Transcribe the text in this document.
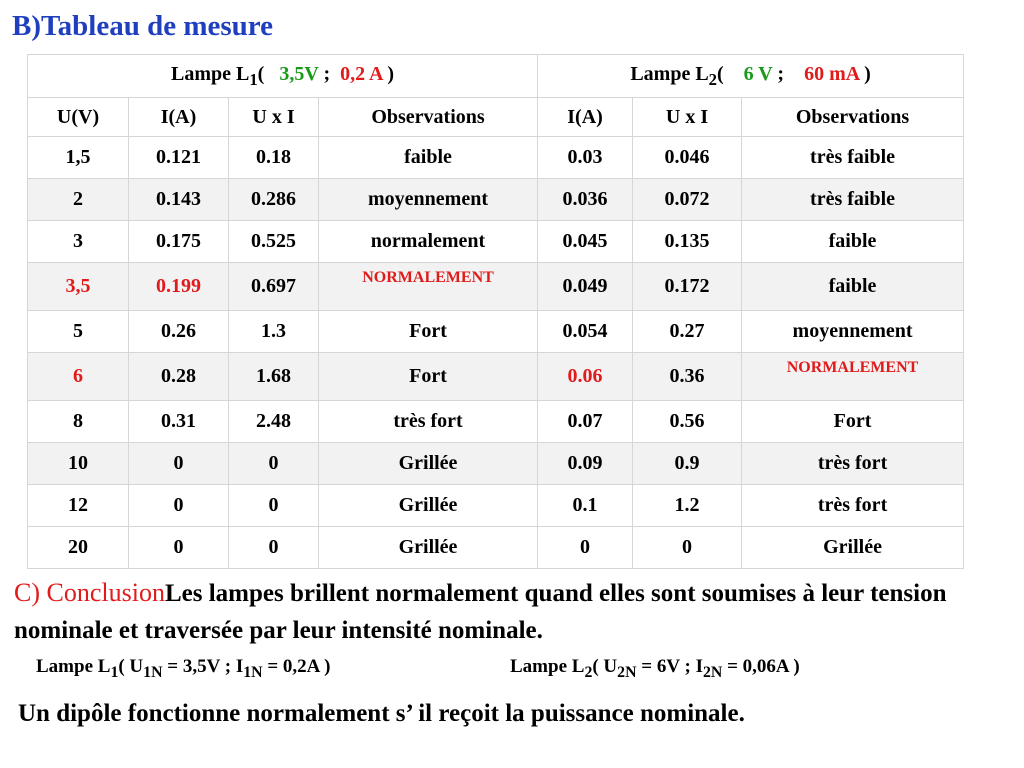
B)Tableau de mesure
Lampe $L_1$( 3,5V ; 0,2 A )				Lampe $L_2$( 6 V ; 60 mA )		
U(V)	I(A)	U x I	Observations	I(A)	U x I	Observations
1,5	0.121	0.18	faible	0.03	0.046	très faible
2	0.143	0.286	moyennement	0.036	0.072	très faible
3	0.175	0.525	normalement	0.045	0.135	faible
3,5	0.199	0.697	$^{NORMALEMENT}$	0.049	0.172	faible
5	0.26	1.3	Fort	0.054	0.27	moyennement
6	0.28	1.68	Fort	0.06	0.36	$^{NORMALEMENT}$
8	0.31	2.48	très fort	0.07	0.56	Fort
10	0	0	Grillée	0.09	0.9	très fort
12	0	0	Grillée	0.1	1.2	très fort
20	0	0	Grillée	0	0	Grillée
C) ConclusionLes lampes brillent normalement quand elles sont soumises à leur tension nominale et traversée par leur intensité nominale.
Lampe $L_1$( $U_{1N} = 3,5V$ ; $I_{1N} = 0,2A$ )	Lampe $L_2$( $U_{2N} = 6V$ ; $I_{2N} = 0,06A$ )
Un dipôle fonctionne normalement s’ il reçoit la puissance nominale.
